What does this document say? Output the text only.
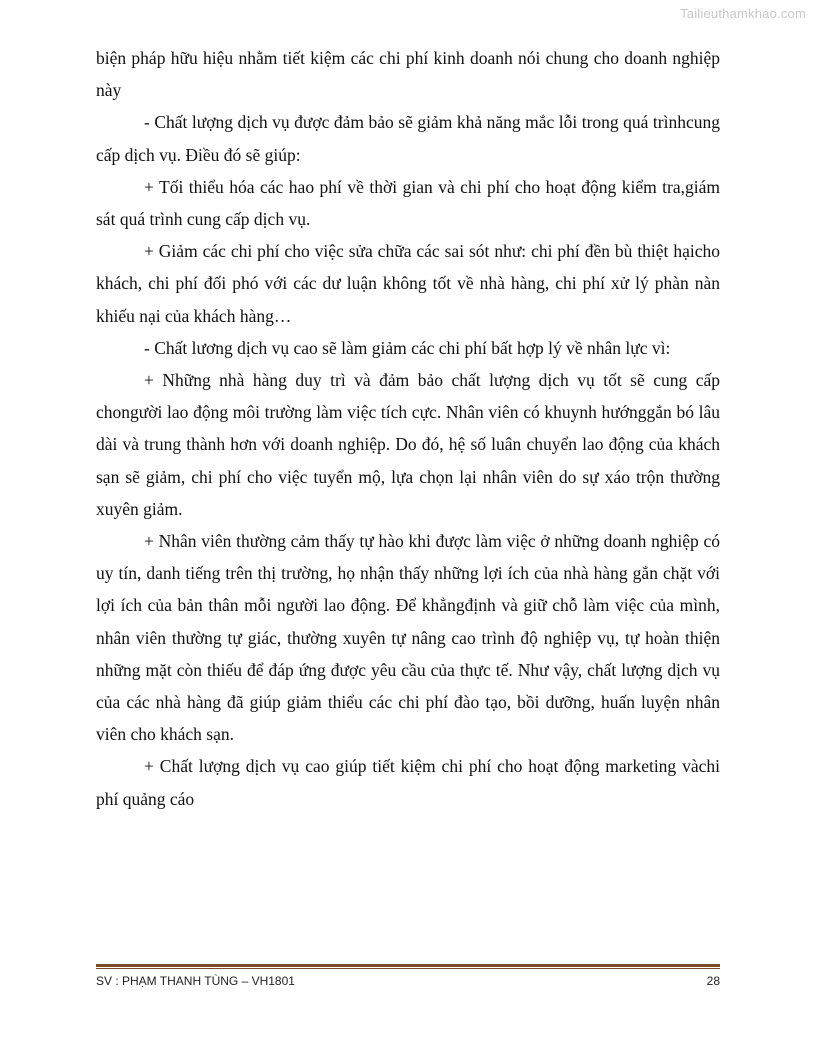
Tailieuthamkhao.com

biện pháp hữu hiệu nhằm tiết kiệm các chi phí kinh doanh nói chung cho doanh nghiệp này

- Chất lượng dịch vụ được đảm bảo sẽ giảm khả năng mắc lỗi trong quá trìnhcung cấp dịch vụ. Điều đó sẽ giúp:

+ Tối thiểu hóa các hao phí về thời gian và chi phí cho hoạt động kiểm tra,giám sát quá trình cung cấp dịch vụ.

+ Giảm các chi phí cho việc sửa chữa các sai sót như: chi phí đền bù thiệt hạicho khách, chi phí đối phó với các dư luận không tốt về nhà hàng, chi phí xử lý phàn nàn khiếu nại của khách hàng…

- Chất lương dịch vụ cao sẽ làm giảm các chi phí bất hợp lý về nhân lực vì:

+ Những nhà hàng duy trì và đảm bảo chất lượng dịch vụ tốt sẽ cung cấp chongười lao động môi trường làm việc tích cực. Nhân viên có khuynh hướnggắn bó lâu dài và trung thành hơn với doanh nghiệp. Do đó, hệ số luân chuyển lao động của khách sạn sẽ giảm, chi phí cho việc tuyển mộ, lựa chọn lại nhân viên do sự xáo trộn thường xuyên giảm.

+ Nhân viên thường cảm thấy tự hào khi được làm việc ở những doanh nghiệp có uy tín, danh tiếng trên thị trường, họ nhận thấy những lợi ích của nhà hàng gắn chặt với lợi ích của bản thân mỗi người lao động. Để khẳngđịnh và giữ chỗ làm việc của mình, nhân viên thường tự giác, thường xuyên tự nâng cao trình độ nghiệp vụ, tự hoàn thiện những mặt còn thiếu để đáp ứng được yêu cầu của thực tế. Như vậy, chất lượng dịch vụ của các nhà hàng đã giúp giảm thiểu các chi phí đào tạo, bồi dưỡng, huấn luyện nhân viên cho khách sạn.

+ Chất lượng dịch vụ cao giúp tiết kiệm chi phí cho hoạt động marketing vàchi phí quảng cáo

SV : PHẠM THANH TÙNG – VH1801	28
